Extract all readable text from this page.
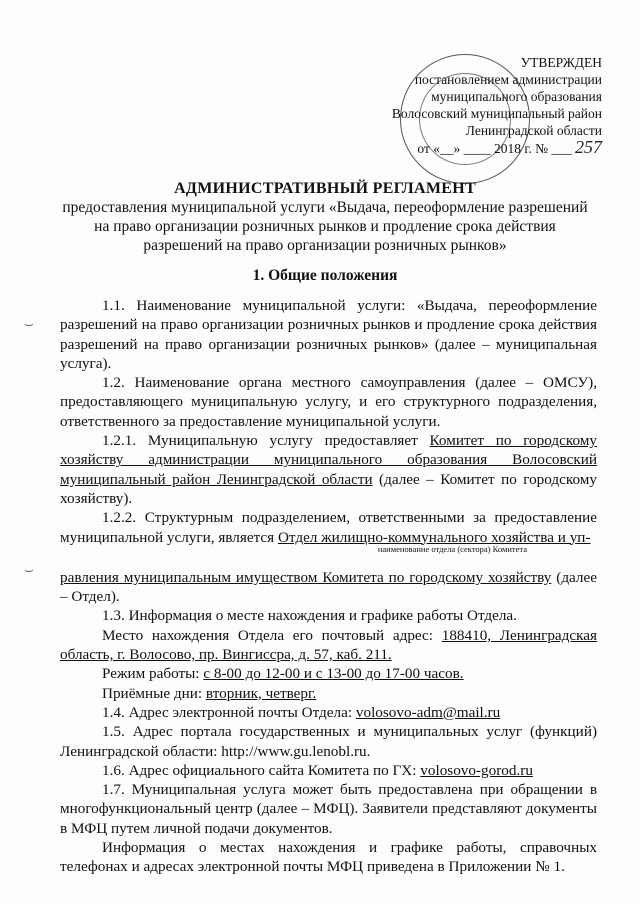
УТВЕРЖДЕН
постановлением администрации
муниципального образования
Волосовский муниципальный район
Ленинградской области
от «__» ____ 2018 г. № ___ 257
АДМИНИСТРАТИВНЫЙ РЕГЛАМЕНТ
предоставления муниципальной услуги «Выдача, переоформление разрешений на право организации розничных рынков и продление срока действия разрешений на право организации розничных рынков»
1. Общие положения
⌣
⌣

1.1. Наименование муниципальной услуги: «Выдача, переоформление разрешений на право организации розничных рынков и продление срока действия разрешений на право организации розничных рынков» (далее – муниципальная услуга).

1.2. Наименование органа местного самоуправления (далее – ОМСУ), предоставляющего муниципальную услугу, и его структурного подразделения, ответственного за предоставление муниципальной услуги.

1.2.1. Муниципальную услугу предоставляет Комитет по городскому хозяйству администрации муниципального образования Волосовский муниципальный район Ленинградской области (далее – Комитет по городскому хозяйству).

1.2.2. Структурным подразделением, ответственными за предоставление муниципальной услуги, является Отдел жилищно-коммунального хозяйства и уп-

наименование отдела (сектора) Комитета

равления муниципальным имуществом Комитета по городскому хозяйству (далее – Отдел).

1.3. Информация о месте нахождения и графике работы Отдела.

Место нахождения Отдела его почтовый адрес: 188410, Ленинградская область, г. Волосово, пр. Вингиссра, д. 57, каб. 211.

Режим работы: с 8-00 до 12-00 и с 13-00 до 17-00 часов.

Приёмные дни: вторник, четверг.

1.4. Адрес электронной почты Отдела: volosovo-adm@mail.ru

1.5. Адрес портала государственных и муниципальных услуг (функций) Ленинградской области: http://www.gu.lenobl.ru.

1.6. Адрес официального сайта Комитета по ГХ: volosovo-gorod.ru

1.7. Муниципальная услуга может быть предоставлена при обращении в многофункциональный центр (далее – МФЦ). Заявители представляют документы в МФЦ путем личной подачи документов.

Информация о местах нахождения и графике работы, справочных телефонах и адресах электронной почты МФЦ приведена в Приложении № 1.
